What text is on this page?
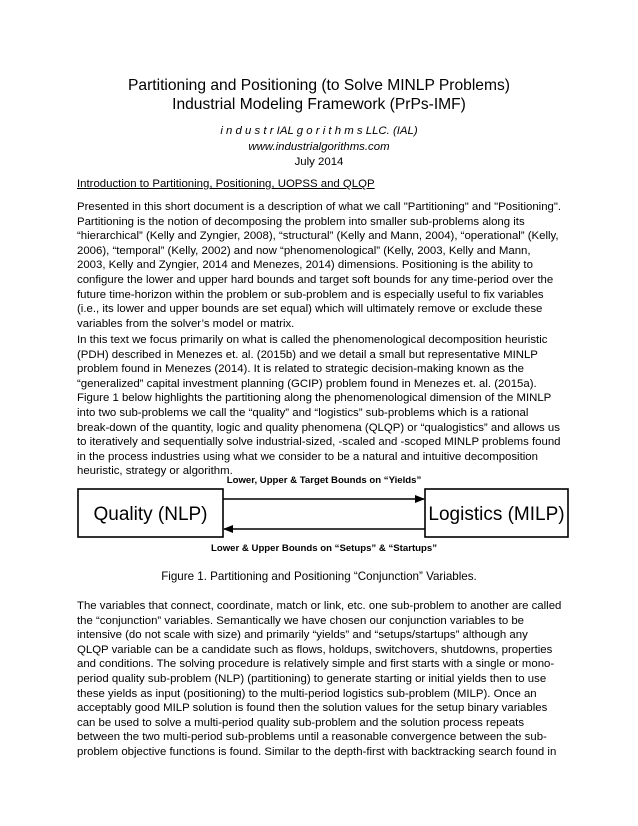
Partitioning and Positioning (to Solve MINLP Problems)
Industrial Modeling Framework (PrPs-IMF)
i n d u s t r IAL g o r i t h m s LLC. (IAL)
www.industrialgorithms.com
July 2014
Introduction to Partitioning, Positioning, UOPSS and QLQP
Presented in this short document is a description of what we call "Partitioning" and "Positioning".
Partitioning is the notion of decomposing the problem into smaller sub-problems along its
“hierarchical” (Kelly and Zyngier, 2008), “structural” (Kelly and Mann, 2004), “operational” (Kelly,
2006), “temporal” (Kelly, 2002) and now “phenomenological” (Kelly, 2003, Kelly and Mann,
2003, Kelly and Zyngier, 2014 and Menezes, 2014) dimensions. Positioning is the ability to
configure the lower and upper hard bounds and target soft bounds for any time-period over the
future time-horizon within the problem or sub-problem and is especially useful to fix variables
(i.e., its lower and upper bounds are set equal) which will ultimately remove or exclude these
variables from the solver’s model or matrix.
In this text we focus primarily on what is called the phenomenological decomposition heuristic
(PDH) described in Menezes et. al. (2015b) and we detail a small but representative MINLP
problem found in Menezes (2014). It is related to strategic decision-making known as the
“generalized” capital investment planning (GCIP) problem found in Menezes et. al. (2015a).
Figure 1 below highlights the partitioning along the phenomenological dimension of the MINLP
into two sub-problems we call the “quality” and “logistics” sub-problems which is a rational
break-down of the quantity, logic and quality phenomena (QLQP) or “qualogistics” and allows us
to iteratively and sequentially solve industrial-sized, -scaled and -scoped MINLP problems found
in the process industries using what we consider to be a natural and intuitive decomposition
heuristic, strategy or algorithm.
Quality (NLP)	Logistics (MILP)
Lower, Upper & Target Bounds on “Yields”
Lower & Upper Bounds on “Setups” & “Startups”
Figure 1. Partitioning and Positioning “Conjunction” Variables.
The variables that connect, coordinate, match or link, etc. one sub-problem to another are called
the “conjunction” variables. Semantically we have chosen our conjunction variables to be
intensive (do not scale with size) and primarily “yields” and “setups/startups” although any
QLQP variable can be a candidate such as flows, holdups, switchovers, shutdowns, properties
and conditions. The solving procedure is relatively simple and first starts with a single or mono-
period quality sub-problem (NLP) (partitioning) to generate starting or initial yields then to use
these yields as input (positioning) to the multi-period logistics sub-problem (MILP). Once an
acceptably good MILP solution is found then the solution values for the setup binary variables
can be used to solve a multi-period quality sub-problem and the solution process repeats
between the two multi-period sub-problems until a reasonable convergence between the sub-
problem objective functions is found. Similar to the depth-first with backtracking search found in
